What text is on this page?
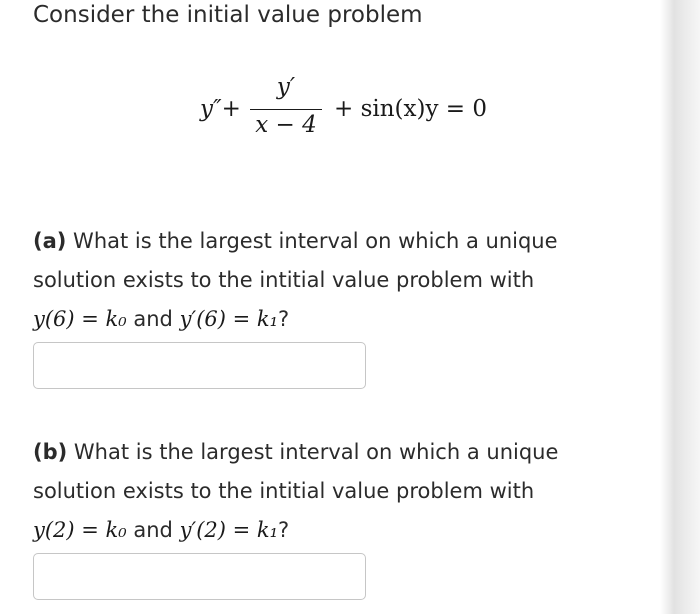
Consider the initial value problem
y″+
y′
x − 4
+ sin(x)y = 0
(a) What is the largest interval on which a unique
solution exists to the intitial value problem with
y(6) = k₀ and y′(6) = k₁?
(b) What is the largest interval on which a unique
solution exists to the intitial value problem with
y(2) = k₀ and y′(2) = k₁?
